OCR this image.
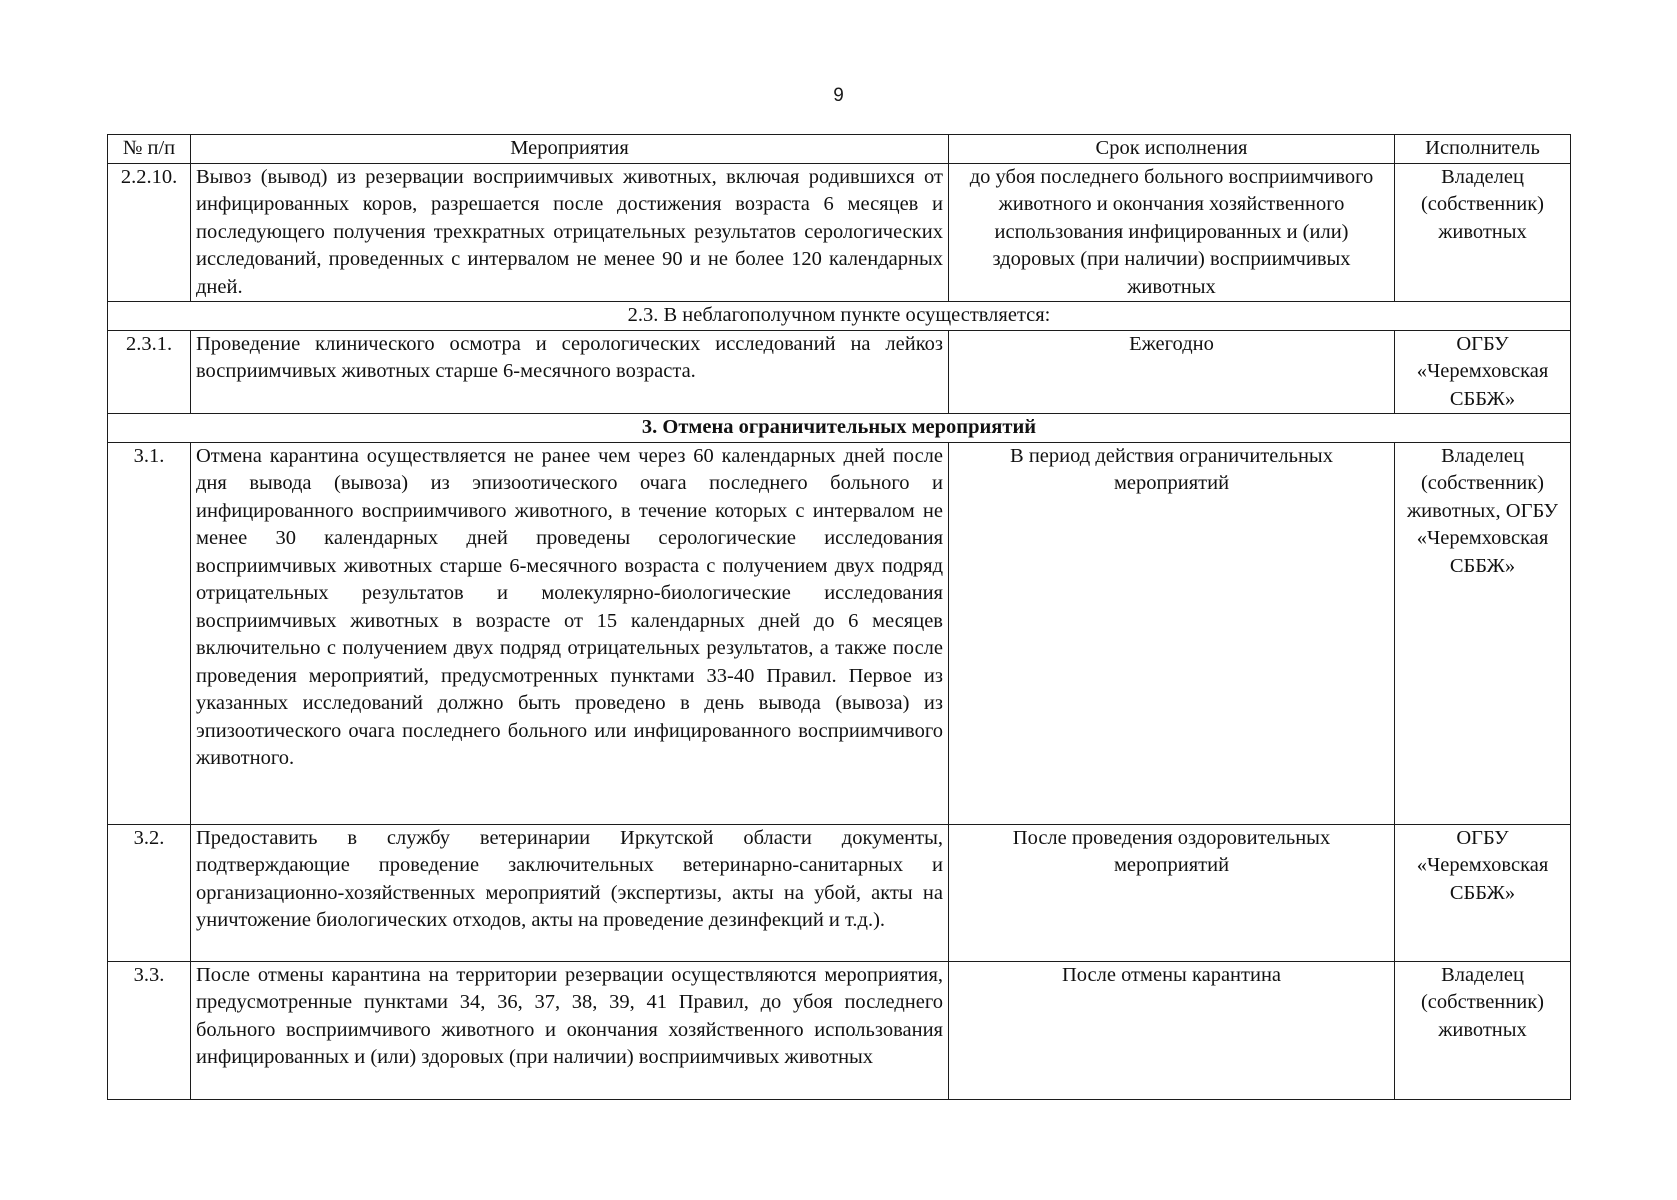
9
№ п/п	Мероприятия	Срок исполнения	Исполнитель
2.2.10.	Вывоз (вывод) из резервации восприимчивых животных, включая родившихся от инфицированных коров, разрешается после достижения возраста 6 месяцев и последующего получения трехкратных отрицательных результатов серологических исследований, проведенных с интервалом не менее 90 и не более 120 календарных дней.	до убоя последнего больного восприимчивого животного и окончания хозяйственного использования инфицированных и (или) здоровых (при наличии) восприимчивых животных	Владелец (собственник) животных
2.3. В неблагополучном пункте осуществляется:			
2.3.1.	Проведение клинического осмотра и серологических исследований на лейкоз восприимчивых животных старше 6-месячного возраста.	Ежегодно	ОГБУ «Черемховская СББЖ»
3. Отмена ограничительных мероприятий			
3.1.	Отмена карантина осуществляется не ранее чем через 60 календарных дней после дня вывода (вывоза) из эпизоотического очага последнего больного и инфицированного восприимчивого животного, в течение которых с интервалом не менее 30 календарных дней проведены серологические исследования восприимчивых животных старше 6-месячного возраста с получением двух подряд отрицательных результатов и молекулярно-биологические исследования восприимчивых животных в возрасте от 15 календарных дней до 6 месяцев включительно с получением двух подряд отрицательных результатов, а также после проведения мероприятий, предусмотренных пунктами 33-40 Правил. Первое из указанных исследований должно быть проведено в день вывода (вывоза) из эпизоотического очага последнего больного или инфицированного восприимчивого животного.	В период действия ограничительных мероприятий	Владелец (собственник) животных, ОГБУ «Черемховская СББЖ»
3.2.	Предоставить в службу ветеринарии Иркутской области документы, подтверждающие проведение заключительных ветеринарно-санитарных и организационно-хозяйственных мероприятий (экспертизы, акты на убой, акты на уничтожение биологических отходов, акты на проведение дезинфекций и т.д.).	После проведения оздоровительных мероприятий	ОГБУ «Черемховская СББЖ»
3.3.	После отмены карантина на территории резервации осуществляются мероприятия, предусмотренные пунктами 34, 36, 37, 38, 39, 41 Правил, до убоя последнего больного восприимчивого животного и окончания хозяйственного использования инфицированных и (или) здоровых (при наличии) восприимчивых животных	После отмены карантина	Владелец (собственник) животных
